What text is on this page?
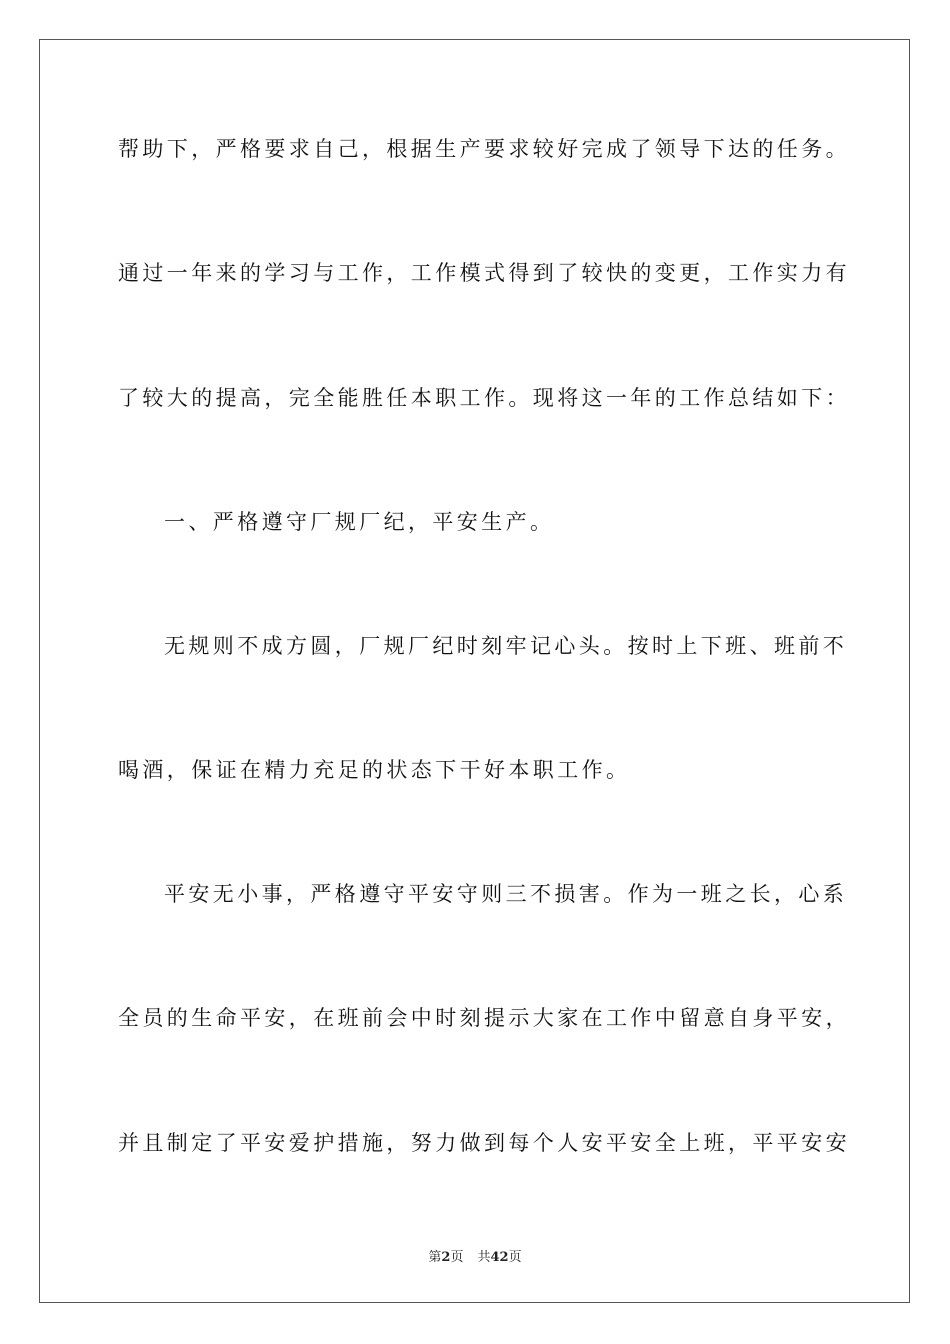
帮助下，严格要求自己，根据生产要求较好完成了领导下达的任务。
通过一年来的学习与工作，工作模式得到了较快的变更，工作实力有
了较大的提高，完全能胜任本职工作。现将这一年的工作总结如下：
一、严格遵守厂规厂纪，平安生产。
无规则不成方圆，厂规厂纪时刻牢记心头。按时上下班、班前不
喝酒，保证在精力充足的状态下干好本职工作。
平安无小事，严格遵守平安守则三不损害。作为一班之长，心系
全员的生命平安，在班前会中时刻提示大家在工作中留意自身平安，
并且制定了平安爱护措施，努力做到每个人安平安全上班，平平安安
第2页 共42页
